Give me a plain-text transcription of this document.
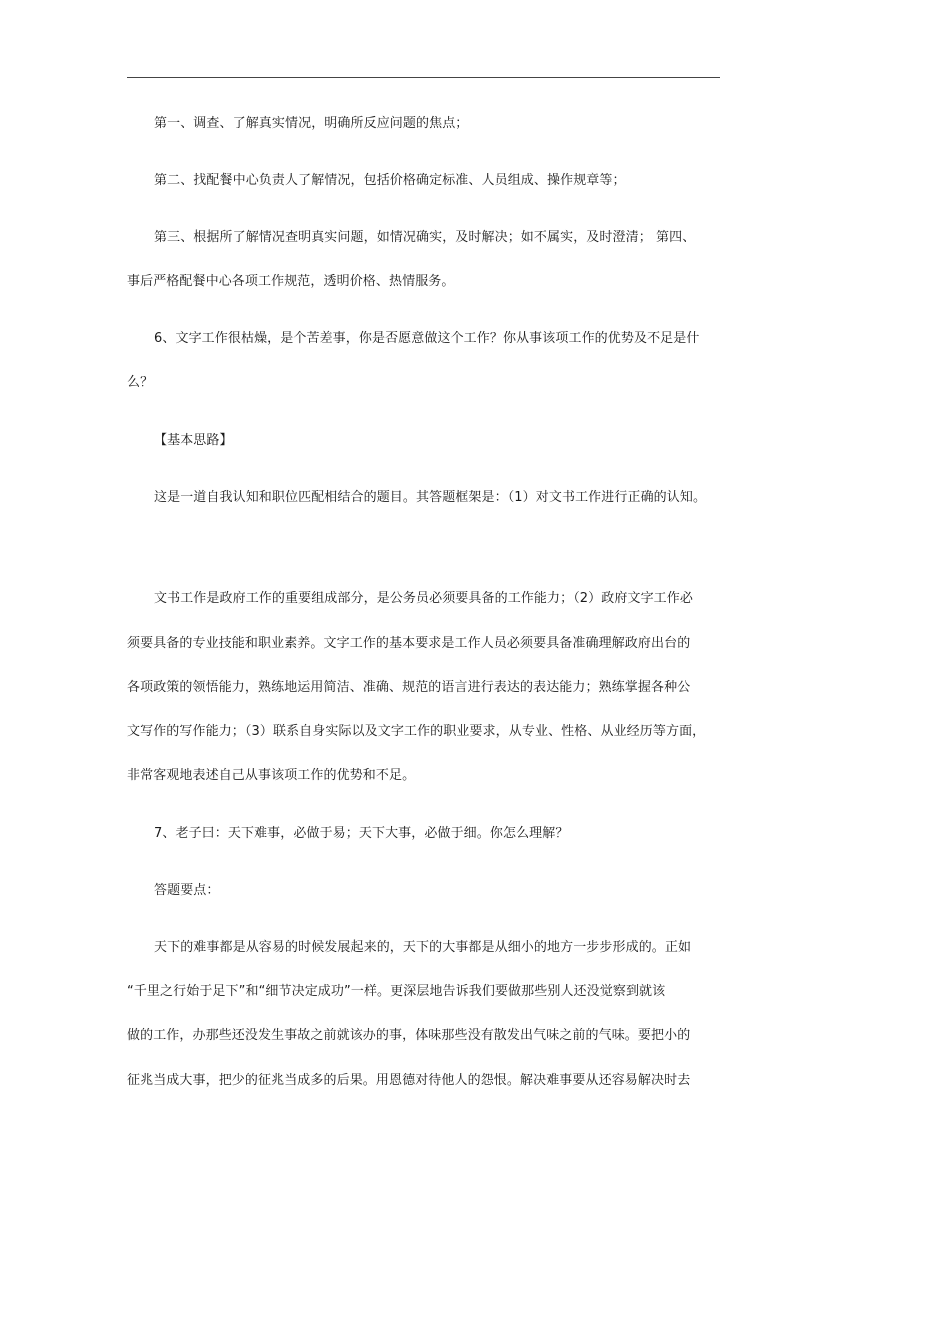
第一、调查、了解真实情况，明确所反应问题的焦点；
第二、找配餐中心负责人了解情况，包括价格确定标准、人员组成、操作规章等；
第三、根据所了解情况查明真实问题，如情况确实，及时解决；如不属实，及时澄清； 第四、
事后严格配餐中心各项工作规范，透明价格、热情服务。
6、文字工作很枯燥，是个苦差事，你是否愿意做这个工作？你从事该项工作的优势及不足是什
么？
【基本思路】
这是一道自我认知和职位匹配相结合的题目。其答题框架是：（1）对文书工作进行正确的认知。
文书工作是政府工作的重要组成部分，是公务员必须要具备的工作能力；（2）政府文字工作必
须要具备的专业技能和职业素养。文字工作的基本要求是工作人员必须要具备准确理解政府出台的
各项政策的领悟能力，熟练地运用简洁、准确、规范的语言进行表达的表达能力；熟练掌握各种公
文写作的写作能力；（3）联系自身实际以及文字工作的职业要求，从专业、性格、从业经历等方面，
非常客观地表述自己从事该项工作的优势和不足。
7、老子曰：天下难事，必做于易；天下大事，必做于细。你怎么理解？
答题要点：
天下的难事都是从容易的时候发展起来的，天下的大事都是从细小的地方一步步形成的。正如
“千里之行始于足下”和“细节决定成功”一样。更深层地告诉我们要做那些别人还没觉察到就该
做的工作，办那些还没发生事故之前就该办的事，体味那些没有散发出气味之前的气味。要把小的
征兆当成大事，把少的征兆当成多的后果。用恩德对待他人的怨恨。解决难事要从还容易解决时去
